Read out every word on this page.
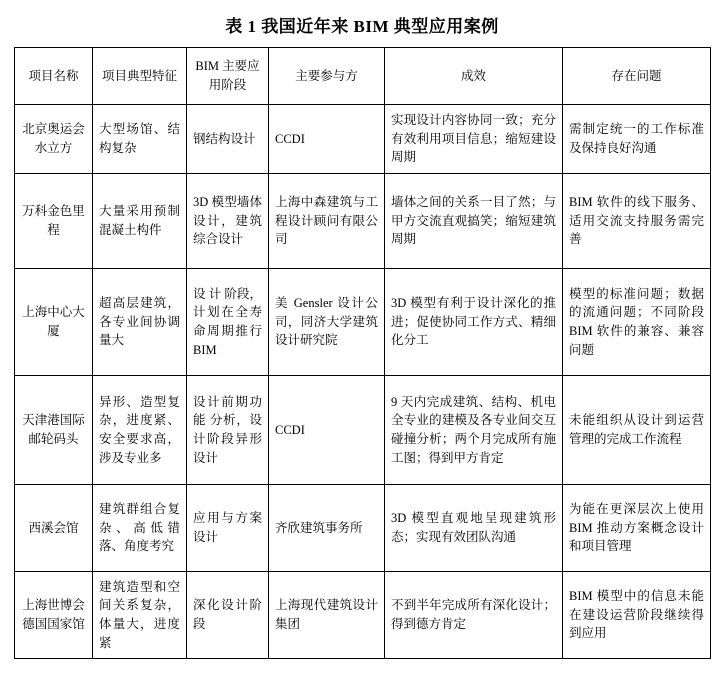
表 1 我国近年来 BIM 典型应用案例
项目名称	项目典型特征	BIM 主要应用阶段	主要参与方	成效	存在问题
北京奥运会水立方	大型场馆、结构复杂	钢结构设计	CCDI	实现设计内容协同一致；充分有效利用项目信息；缩短建设周期	需制定统一的工作标准及保持良好沟通
万科金色里程	大量采用预制混凝土构件	3D 模型墙体设计，建筑综合设计	上海中森建筑与工程设计顾问有限公司	墙体之间的关系一目了然；与甲方交流直观搞笑；缩短建筑周期	BIM 软件的线下服务、适用交流支持服务需完善
上海中心大厦	超高层建筑，各专业间协调量大	设 计 阶段，计划在全寿命周期推行 BIM	美 Gensler 设计公司，同济大学建筑设计研究院	3D 模型有利于设计深化的推进；促使协同工作方式、精细化分工	模型的标准问题；数据的流通问题；不同阶段 BIM 软件的兼容、兼容问题
天津港国际邮轮码头	异形、造型复杂，进度紧、安全要求高，涉及专业多	设计前期功 能 分析，设计阶段异形设计	CCDI	9 天内完成建筑、结构、机电全专业的建模及各专业间交互碰撞分析；两个月完成所有施工图；得到甲方肯定	未能组织从设计到运营管理的完成工作流程
西溪会馆	建筑群组合复杂、高低错落、角度考究	应用与方案设计	齐欣建筑事务所	3D 模型直观地呈现建筑形态；实现有效团队沟通	为能在更深层次上使用 BIM 推动方案概念设计和项目管理
上海世博会德国国家馆	建筑造型和空间关系复杂，体量大，进度紧	深化设计阶段	上海现代建筑设计集团	不到半年完成所有深化设计；得到德方肯定	BIM 模型中的信息未能在建设运营阶段继续得到应用
